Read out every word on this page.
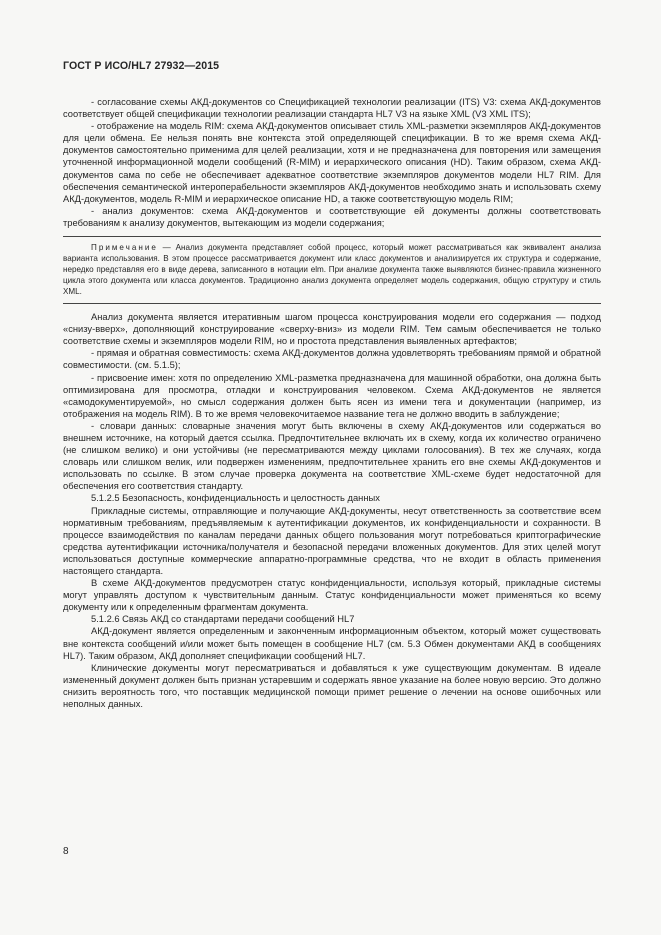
ГОСТ Р ИСО/HL7 27932—2015

- согласование схемы АКД-документов со Спецификацией технологии реализации (ITS) V3: схема АКД-документов соответствует общей спецификации технологии реализации стандарта HL7 V3 на языке XML (V3 XML ITS);

- отображение на модель RIM: схема АКД-документов описывает стиль XML-разметки экземпляров АКД-документов для цели обмена. Ее нельзя понять вне контекста этой определяющей спецификации. В то же время схема АКД-документов самостоятельно применима для целей реализации, хотя и не предназначена для повторения или замещения уточненной информационной модели сообщений (R-MIM) и иерархического описания (HD). Таким образом, схема АКД-документов сама по себе не обеспечивает адекватное соответствие экземпляров документов модели HL7 RIM. Для обеспечения семантической интероперабельности экземпляров АКД-документов необходимо знать и использовать схему АКД-документов, модель R-MIM и иерархическое описание HD, а также соответствующую модель RIM;

- анализ документов: схема АКД-документов и соответствующие ей документы должны соответствовать требованиям к анализу документов, вытекающим из модели содержания;

Примечание — Анализ документа представляет собой процесс, который может рассматриваться как эквивалент анализа варианта использования. В этом процессе рассматривается документ или класс документов и анализируется их структура и содержание, нередко представляя его в виде дерева, записанного в нотации elm. При анализе документа также выявляются бизнес-правила жизненного цикла этого документа или класса документов. Традиционно анализ документа определяет модель содержания, общую структуру и стиль XML.

Анализ документа является итеративным шагом процесса конструирования модели его содержания — подход «снизу-вверх», дополняющий конструирование «сверху-вниз» из модели RIM. Тем самым обеспечивается не только соответствие схемы и экземпляров модели RIM, но и простота представления выявленных артефактов;

- прямая и обратная совместимость: схема АКД-документов должна удовлетворять требованиям прямой и обратной совместимости. (см. 5.1.5);

- присвоение имен: хотя по определению XML-разметка предназначена для машинной обработки, она должна быть оптимизирована для просмотра, отладки и конструирования человеком. Схема АКД-документов не является «самодокументируемой», но смысл содержания должен быть ясен из имени тега и документации (например, из отображения на модель RIM). В то же время человекочитаемое название тега не должно вводить в заблуждение;

- словари данных: словарные значения могут быть включены в схему АКД-документов или содержаться во внешнем источнике, на который дается ссылка. Предпочтительнее включать их в схему, когда их количество ограничено (не слишком велико) и они устойчивы (не пересматриваются между циклами голосования). В тех же случаях, когда словарь или слишком велик, или подвержен изменениям, предпочтительнее хранить его вне схемы АКД-документов и использовать по ссылке. В этом случае проверка документа на соответствие XML-схеме будет недостаточной для обеспечения его соответствия стандарту.

5.1.2.5 Безопасность, конфиденциальность и целостность данных

Прикладные системы, отправляющие и получающие АКД-документы, несут ответственность за соответствие всем нормативным требованиям, предъявляемым к аутентификации документов, их конфиденциальности и сохранности. В процессе взаимодействия по каналам передачи данных общего пользования могут потребоваться криптографические средства аутентификации источника/получателя и безопасной передачи вложенных документов. Для этих целей могут использоваться доступные коммерческие аппаратно-программные средства, что не входит в область применения настоящего стандарта.

В схеме АКД-документов предусмотрен статус конфиденциальности, используя который, прикладные системы могут управлять доступом к чувствительным данным. Статус конфиденциальности может применяться ко всему документу или к определенным фрагментам документа.

5.1.2.6 Связь АКД со стандартами передачи сообщений HL7

АКД-документ является определенным и законченным информационным объектом, который может существовать вне контекста сообщений и/или может быть помещен в сообщение HL7 (см. 5.3 Обмен документами АКД в сообщениях HL7). Таким образом, АКД дополняет спецификации сообщений HL7.

Клинические документы могут пересматриваться и добавляться к уже существующим документам. В идеале измененный документ должен быть признан устаревшим и содержать явное указание на более новую версию. Это должно снизить вероятность того, что поставщик медицинской помощи примет решение о лечении на основе ошибочных или неполных данных.

8
